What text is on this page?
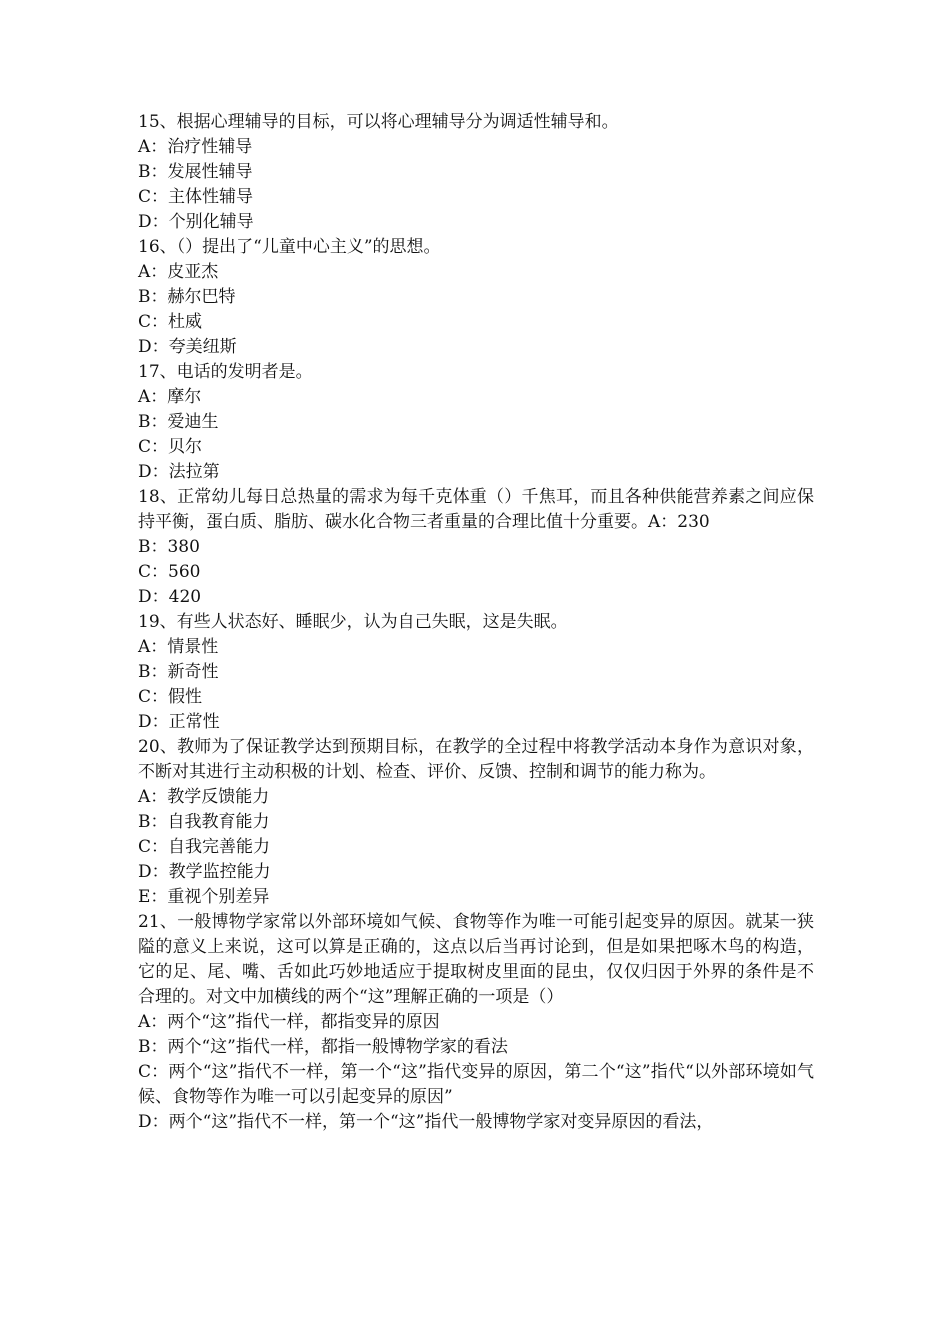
15、根据心理辅导的目标，可以将心理辅导分为调适性辅导和。

A：治疗性辅导

B：发展性辅导

C：主体性辅导

D：个别化辅导

16、（）提出了“儿童中心主义”的思想。

A：皮亚杰

B：赫尔巴特

C：杜威

D：夸美纽斯

17、电话的发明者是。

A：摩尔

B：爱迪生

C：贝尔

D：法拉第

18、正常幼儿每日总热量的需求为每千克体重（）千焦耳，而且各种供能营养素之间应保持平衡，蛋白质、脂肪、碳水化合物三者重量的合理比值十分重要。A：230

B：380

C：560

D：420

19、有些人状态好、睡眠少，认为自己失眠，这是失眠。

A：情景性

B：新奇性

C：假性

D：正常性

20、教师为了保证教学达到预期目标，在教学的全过程中将教学活动本身作为意识对象，不断对其进行主动积极的计划、检查、评价、反馈、控制和调节的能力称为。

A：教学反馈能力

B：自我教育能力

C：自我完善能力

D：教学监控能力

E：重视个别差异

21、一般博物学家常以外部环境如气候、食物等作为唯一可能引起变异的原因。就某一狭隘的意义上来说，这可以算是正确的，这点以后当再讨论到，但是如果把啄木鸟的构造，它的足、尾、嘴、舌如此巧妙地适应于提取树皮里面的昆虫，仅仅归因于外界的条件是不合理的。对文中加横线的两个“这”理解正确的一项是（）

A：两个“这”指代一样，都指变异的原因

B：两个“这”指代一样，都指一般博物学家的看法

C：两个“这”指代不一样，第一个“这”指代变异的原因，第二个“这”指代“以外部环境如气候、食物等作为唯一可以引起变异的原因”

D：两个“这”指代不一样，第一个“这”指代一般博物学家对变异原因的看法，
